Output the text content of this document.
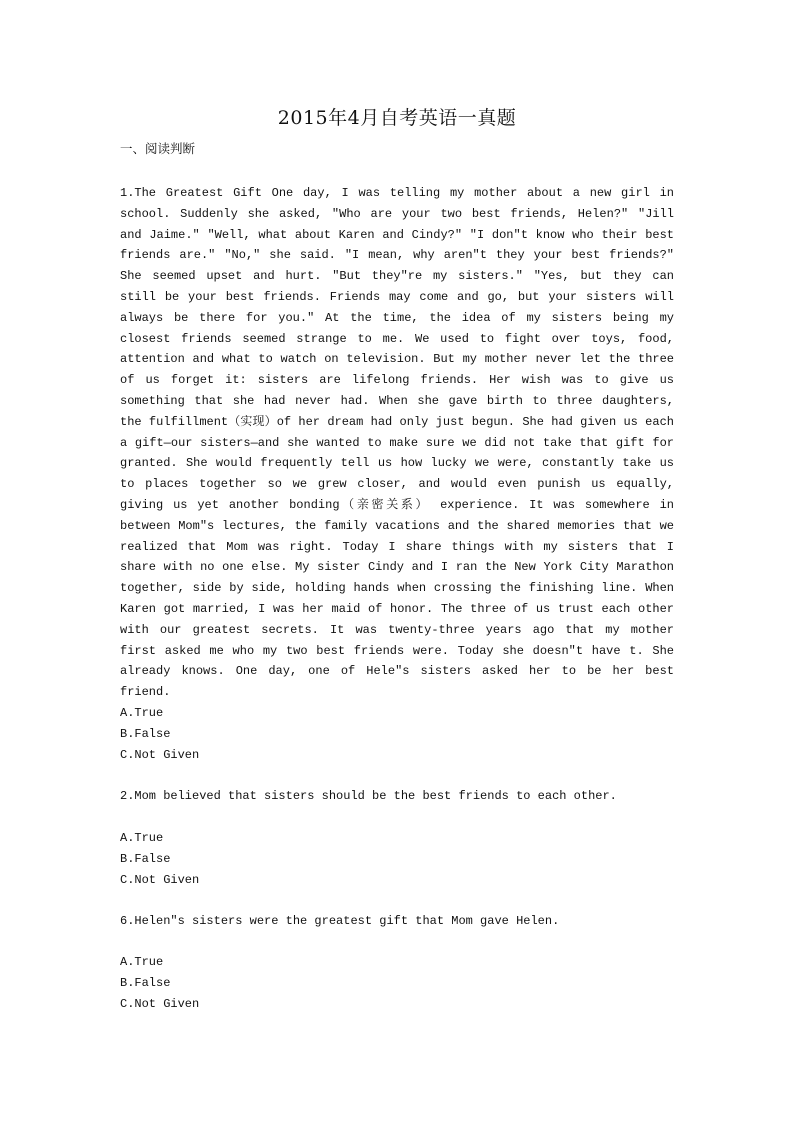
2015年4月自考英语一真题
一、阅读判断
1.The Greatest Gift One day, I was telling my mother about a new girl in school. Suddenly she asked, ″Who are your two best friends, Helen?″ ″Jill and Jaime.″ ″Well, what about Karen and Cindy?″ ″I don″t know who their best friends are.″ ″No,″ she said. ″I mean, why aren″t they your best friends?″ She seemed upset and hurt. ″But they″re my sisters.″ ″Yes, but they can still be your best friends. Friends may come and go, but your sisters will always be there for you.″ At the time, the idea of my sisters being my closest friends seemed strange to me. We used to fight over toys, food, attention and what to watch on television. But my mother never let the three of us forget it: sisters are lifelong friends. Her wish was to give us something that she had never had. When she gave birth to three daughters, the fulfillment（实现）of her dream had only just begun. She had given us each a gift—our sisters—and she wanted to make sure we did not take that gift for granted. She would frequently tell us how lucky we were, constantly take us to places together so we grew closer, and would even punish us equally, giving us yet another bonding（亲密关系） experience. It was somewhere in between Mom″s lectures, the family vacations and the shared memories that we realized that Mom was right. Today I share things with my sisters that I share with no one else. My sister Cindy and I ran the New York City Marathon together, side by side, holding hands when crossing the finishing line. When Karen got married, I was her maid of honor. The three of us trust each other with our greatest secrets. It was twenty-three years ago that my mother first asked me who my two best friends were. Today she doesn″t have t. She already knows. One day, one of Hele″s sisters asked her to be her best friend.
A.True
B.False
C.Not Given
2.Mom believed that sisters should be the best friends to each other.
A.True
B.False
C.Not Given
6.Helen″s sisters were the greatest gift that Mom gave Helen.
A.True
B.False
C.Not Given
